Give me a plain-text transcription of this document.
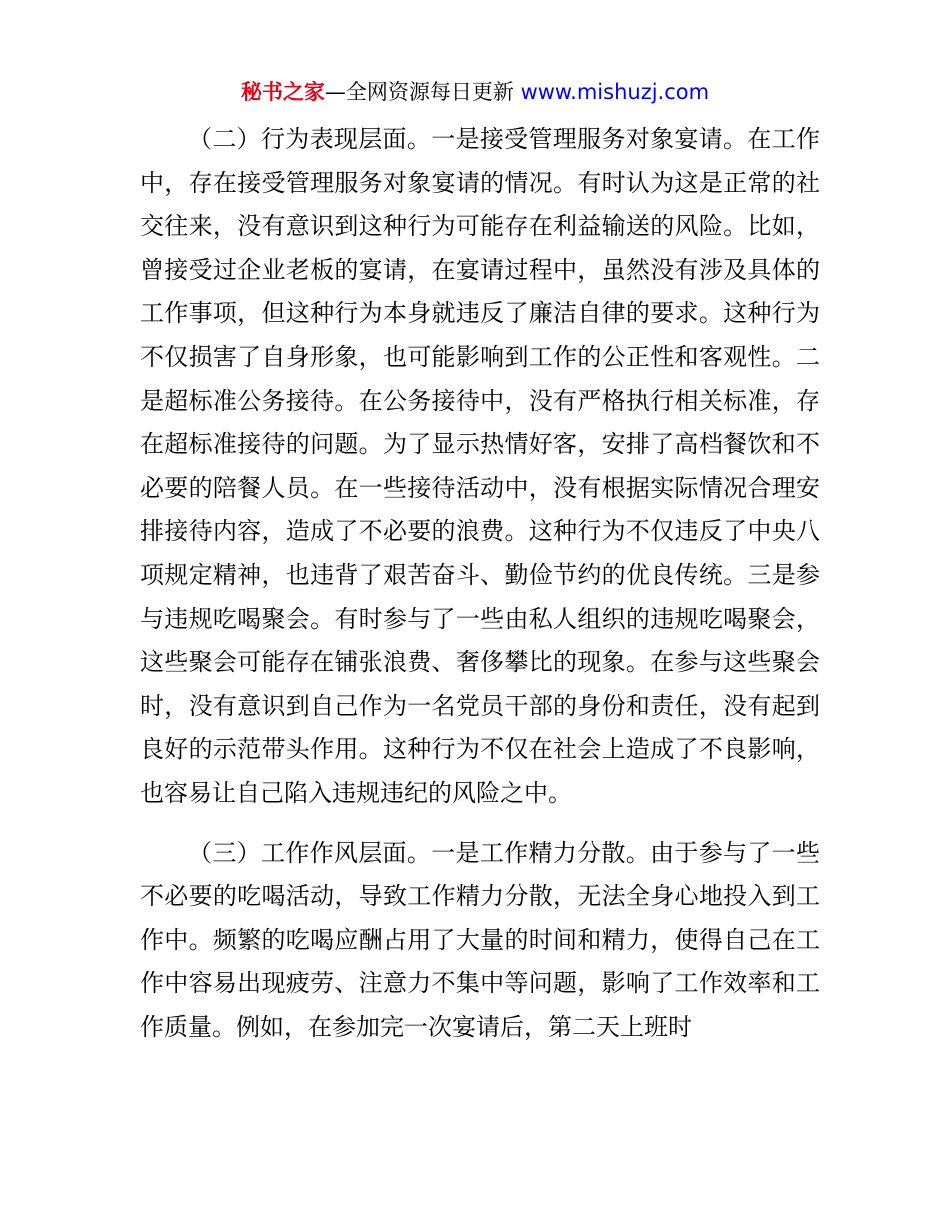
秘书之家—全网资源每日更新 www.mishuzj.com

（二）行为表现层面。一是接受管理服务对象宴请。在工作中，存在接受管理服务对象宴请的情况。有时认为这是正常的社交往来，没有意识到这种行为可能存在利益输送的风险。比如，曾接受过企业老板的宴请，在宴请过程中，虽然没有涉及具体的工作事项，但这种行为本身就违反了廉洁自律的要求。这种行为不仅损害了自身形象，也可能影响到工作的公正性和客观性。二是超标准公务接待。在公务接待中，没有严格执行相关标准，存在超标准接待的问题。为了显示热情好客，安排了高档餐饮和不必要的陪餐人员。在一些接待活动中，没有根据实际情况合理安排接待内容，造成了不必要的浪费。这种行为不仅违反了中央八项规定精神，也违背了艰苦奋斗、勤俭节约的优良传统。三是参与违规吃喝聚会。有时参与了一些由私人组织的违规吃喝聚会，这些聚会可能存在铺张浪费、奢侈攀比的现象。在参与这些聚会时，没有意识到自己作为一名党员干部的身份和责任，没有起到良好的示范带头作用。这种行为不仅在社会上造成了不良影响，也容易让自己陷入违规违纪的风险之中。

（三）工作作风层面。一是工作精力分散。由于参与了一些不必要的吃喝活动，导致工作精力分散，无法全身心地投入到工作中。频繁的吃喝应酬占用了大量的时间和精力，使得自己在工作中容易出现疲劳、注意力不集中等问题，影响了工作效率和工作质量。例如，在参加完一次宴请后，第二天上班时
